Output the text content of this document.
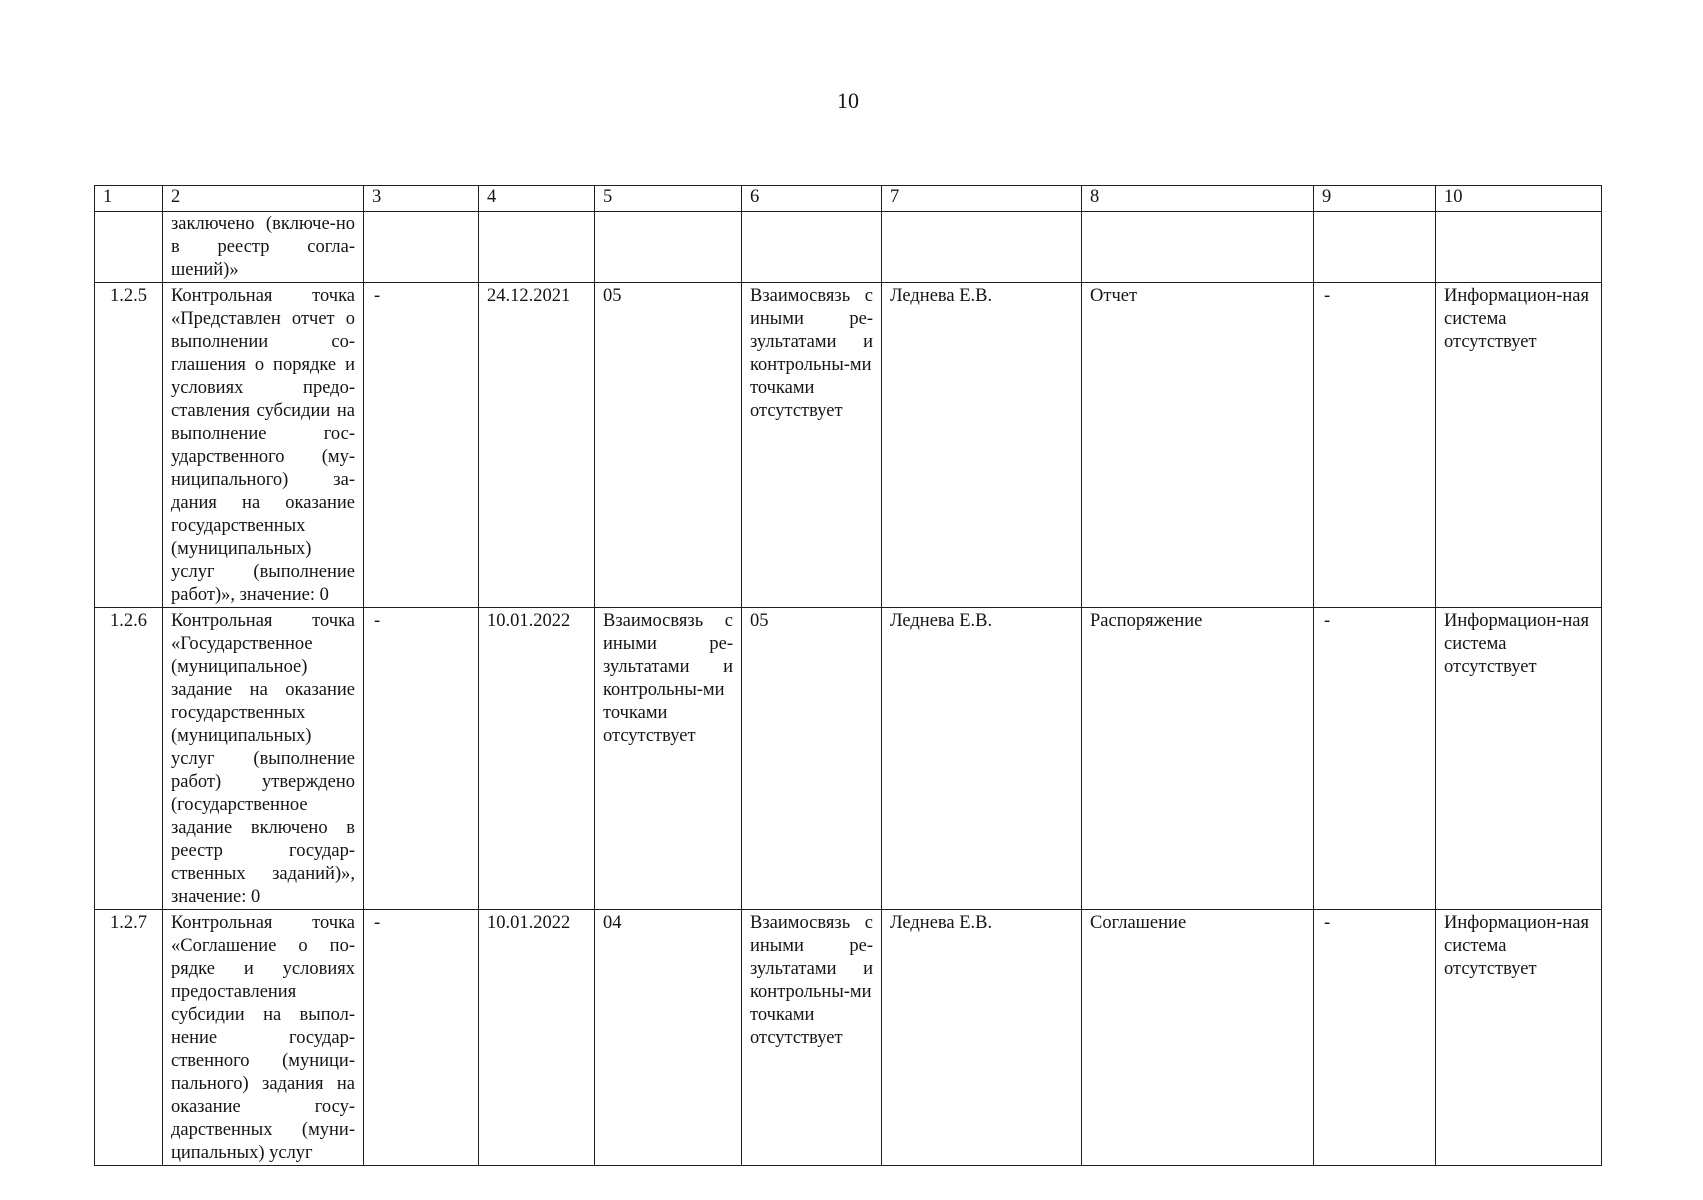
10
1	2	3	4	5	6	7	8	9	10
	заключено (включе-но в реестр согла-шений)»								
1.2.5	Контрольная точка «Представлен отчет о выполнении со-глашения о порядке и условиях предо-ставления субсидии на выполнение гос-ударственного (му-ниципального) за-дания на оказание государственных (муниципальных) услуг (выполнение работ)», значение: 0	-	24.12.2021	05	Взаимосвязь с иными ре-зультатами и контрольны-ми точками отсутствует	Леднева Е.В.	Отчет	-	Информацион-ная система отсутствует
1.2.6	Контрольная точка «Государственное (муниципальное) задание на оказание государственных (муниципальных) услуг (выполнение работ) утверждено (государственное задание включено в реестр государ-ственных заданий)», значение: 0	-	10.01.2022	Взаимосвязь с иными ре-зультатами и контрольны-ми точками отсутствует	05	Леднева Е.В.	Распоряжение	-	Информацион-ная система отсутствует
1.2.7	Контрольная точка «Соглашение о по-рядке и условиях предоставления субсидии на выпол-нение государ-ственного (муници-пального) задания на оказание госу-дарственных (муни-ципальных) услуг	-	10.01.2022	04	Взаимосвязь с иными ре-зультатами и контрольны-ми точками отсутствует	Леднева Е.В.	Соглашение	-	Информацион-ная система отсутствует
